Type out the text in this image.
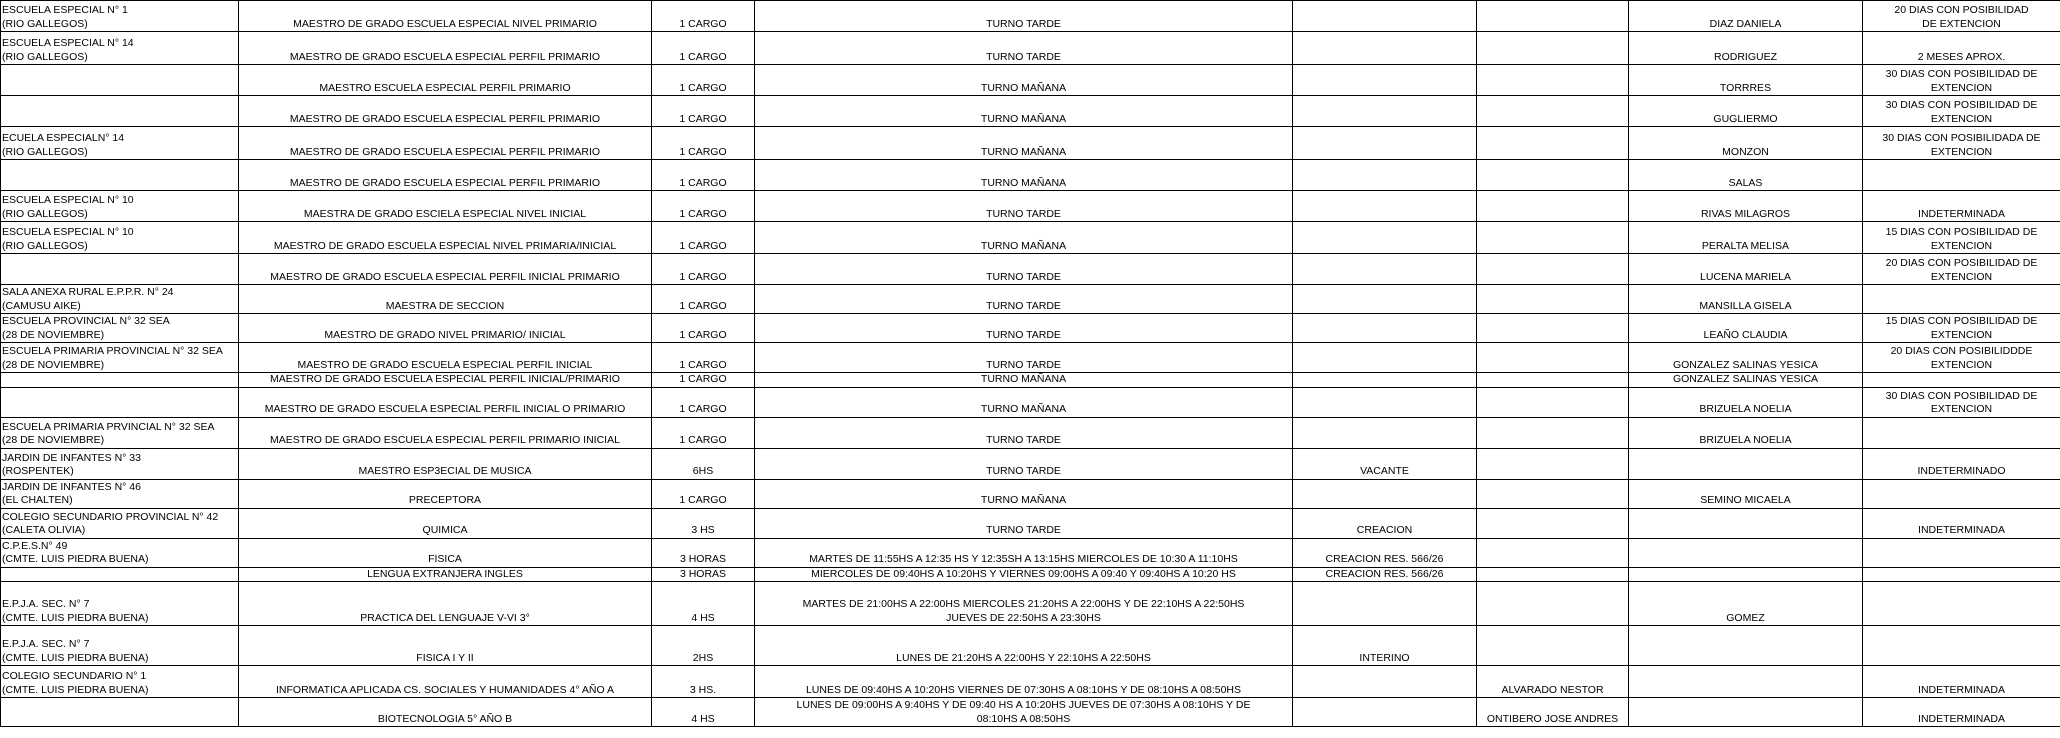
ESCUELA ESPECIAL N° 1
(RIO GALLEGOS)	MAESTRO DE GRADO ESCUELA ESPECIAL NIVEL PRIMARIO	1 CARGO	TURNO TARDE			DIAZ DANIELA	20 DIAS CON POSIBILIDAD
DE EXTENCION

ESCUELA ESPECIAL N° 14
(RIO GALLEGOS)	MAESTRO DE GRADO ESCUELA ESPECIAL PERFIL PRIMARIO	1 CARGO	TURNO TARDE			RODRIGUEZ	2 MESES APROX.

	MAESTRO ESCUELA ESPECIAL PERFIL PRIMARIO	1 CARGO	TURNO MAÑANA			TORRRES	30 DIAS CON POSIBILIDAD DE
EXTENCION

	MAESTRO DE GRADO ESCUELA ESPECIAL PERFIL PRIMARIO	1 CARGO	TURNO MAÑANA			GUGLIERMO	30 DIAS CON POSIBILIDAD DE
EXTENCION

ECUELA ESPECIALN° 14
(RIO GALLEGOS)	MAESTRO DE GRADO ESCUELA ESPECIAL PERFIL PRIMARIO	1 CARGO	TURNO MAÑANA			MONZON	30 DIAS CON POSIBILIDADA DE
EXTENCION

	MAESTRO DE GRADO ESCUELA ESPECIAL PERFIL PRIMARIO	1 CARGO	TURNO MAÑANA			SALAS	

ESCUELA ESPECIAL N° 10
(RIO GALLEGOS)	MAESTRA DE GRADO ESCIELA ESPECIAL NIVEL INICIAL	1 CARGO	TURNO TARDE			RIVAS MILAGROS	INDETERMINADA

ESCUELA ESPECIAL N° 10
(RIO GALLEGOS)	MAESTRO DE GRADO ESCUELA ESPECIAL NIVEL PRIMARIA/INICIAL	1 CARGO	TURNO MAÑANA			PERALTA MELISA	15 DIAS CON POSIBILIDAD DE
EXTENCION

	MAESTRO DE GRADO ESCUELA ESPECIAL PERFIL INICIAL PRIMARIO	1 CARGO	TURNO TARDE			LUCENA MARIELA	20 DIAS CON POSIBILIDAD DE
EXTENCION

SALA ANEXA RURAL E.P.P.R. N° 24
(CAMUSU AIKE)	MAESTRA DE SECCION	1 CARGO	TURNO TARDE			MANSILLA GISELA	

ESCUELA PROVINCIAL N° 32 SEA
(28 DE NOVIEMBRE)	MAESTRO DE GRADO NIVEL PRIMARIO/ INICIAL	1 CARGO	TURNO TARDE			LEAÑO CLAUDIA	15 DIAS CON POSIBILIDAD DE
EXTENCION

ESCUELA PRIMARIA PROVINCIAL N° 32 SEA
(28 DE NOVIEMBRE)	MAESTRO DE GRADO ESCUELA ESPECIAL PERFIL INICIAL	1 CARGO	TURNO TARDE			GONZALEZ SALINAS YESICA	20 DIAS CON POSIBILIDDDE
EXTENCION

	MAESTRO DE GRADO ESCUELA ESPECIAL PERFIL INICIAL/PRIMARIO	1 CARGO	TURNO MAÑANA			GONZALEZ SALINAS YESICA	
	MAESTRO DE GRADO ESCUELA ESPECIAL PERFIL INICIAL O PRIMARIO	1 CARGO	TURNO MAÑANA			BRIZUELA NOELIA	30 DIAS CON POSIBILIDAD DE
EXTENCION

ESCUELA PRIMARIA PRVINCIAL N° 32 SEA
(28 DE NOVIEMBRE)	MAESTRO DE GRADO ESCUELA ESPECIAL PERFIL PRIMARIO INICIAL	1 CARGO	TURNO TARDE			BRIZUELA NOELIA	

JARDIN DE INFANTES N° 33
(ROSPENTEK)	MAESTRO ESP3ECIAL DE MUSICA	6HS	TURNO TARDE	VACANTE			INDETERMINADO

JARDIN DE INFANTES N° 46
(EL CHALTEN)	PRECEPTORA	1 CARGO	TURNO MAÑANA			SEMINO MICAELA	

COLEGIO SECUNDARIO PROVINCIAL N° 42
(CALETA OLIVIA)	QUIMICA	3 HS	TURNO TARDE	CREACION			INDETERMINADA

C.P.E.S.N° 49
(CMTE. LUIS PIEDRA BUENA)	FISICA	3 HORAS	MARTES DE 11:55HS A 12:35 HS Y 12:35SH A 13:15HS MIERCOLES DE 10:30 A 11:10HS	CREACION RES. 566/26			
	LENGUA EXTRANJERA INGLES	3 HORAS	MIERCOLES DE 09:40HS A 10:20HS Y VIERNES 09:00HS A 09:40 Y 09:40HS A 10:20 HS	CREACION RES. 566/26			

E.P.J.A. SEC. N° 7
(CMTE. LUIS PIEDRA BUENA)	PRACTICA DEL LENGUAJE V-VI 3°	4 HS	MARTES DE 21:00HS A 22:00HS MIERCOLES 21:20HS A 22:00HS Y DE 22:10HS A 22:50HS
JUEVES DE 22:50HS A 23:30HS			GOMEZ	

E.P.J.A. SEC. N° 7
(CMTE. LUIS PIEDRA BUENA)	FISICA I Y II	2HS	LUNES DE 21:20HS A 22:00HS Y 22:10HS A 22:50HS	INTERINO			

COLEGIO SECUNDARIO N° 1
(CMTE. LUIS PIEDRA BUENA)	INFORMATICA APLICADA CS. SOCIALES Y HUMANIDADES 4° AÑO A	3 HS.	LUNES DE 09:40HS A 10:20HS VIERNES DE 07:30HS A 08:10HS Y DE 08:10HS A 08:50HS		ALVARADO NESTOR		INDETERMINADA

	BIOTECNOLOGIA 5° AÑO B	4 HS	LUNES DE 09:00HS A 9:40HS Y DE 09:40 HS A 10:20HS JUEVES DE 07:30HS A 08:10HS Y DE
08:10HS A 08:50HS		ONTIBERO JOSE ANDRES		INDETERMINADA
